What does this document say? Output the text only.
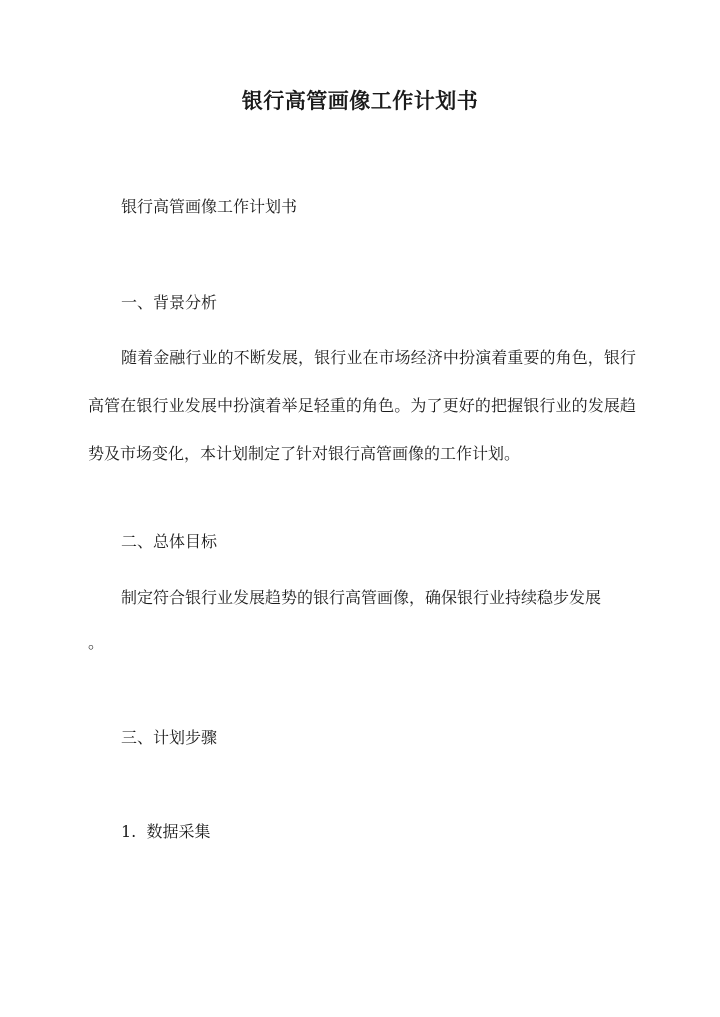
银行高管画像工作计划书
银行高管画像工作计划书
一、背景分析

随着金融行业的不断发展，银行业在市场经济中扮演着重要的角色，银行高管在银行业发展中扮演着举足轻重的角色。为了更好的把握银行业的发展趋势及市场变化，本计划制定了针对银行高管画像的工作计划。

二、总体目标
制定符合银行业发展趋势的银行高管画像，确保银行业持续稳步发展
。
三、计划步骤
1.  数据采集
